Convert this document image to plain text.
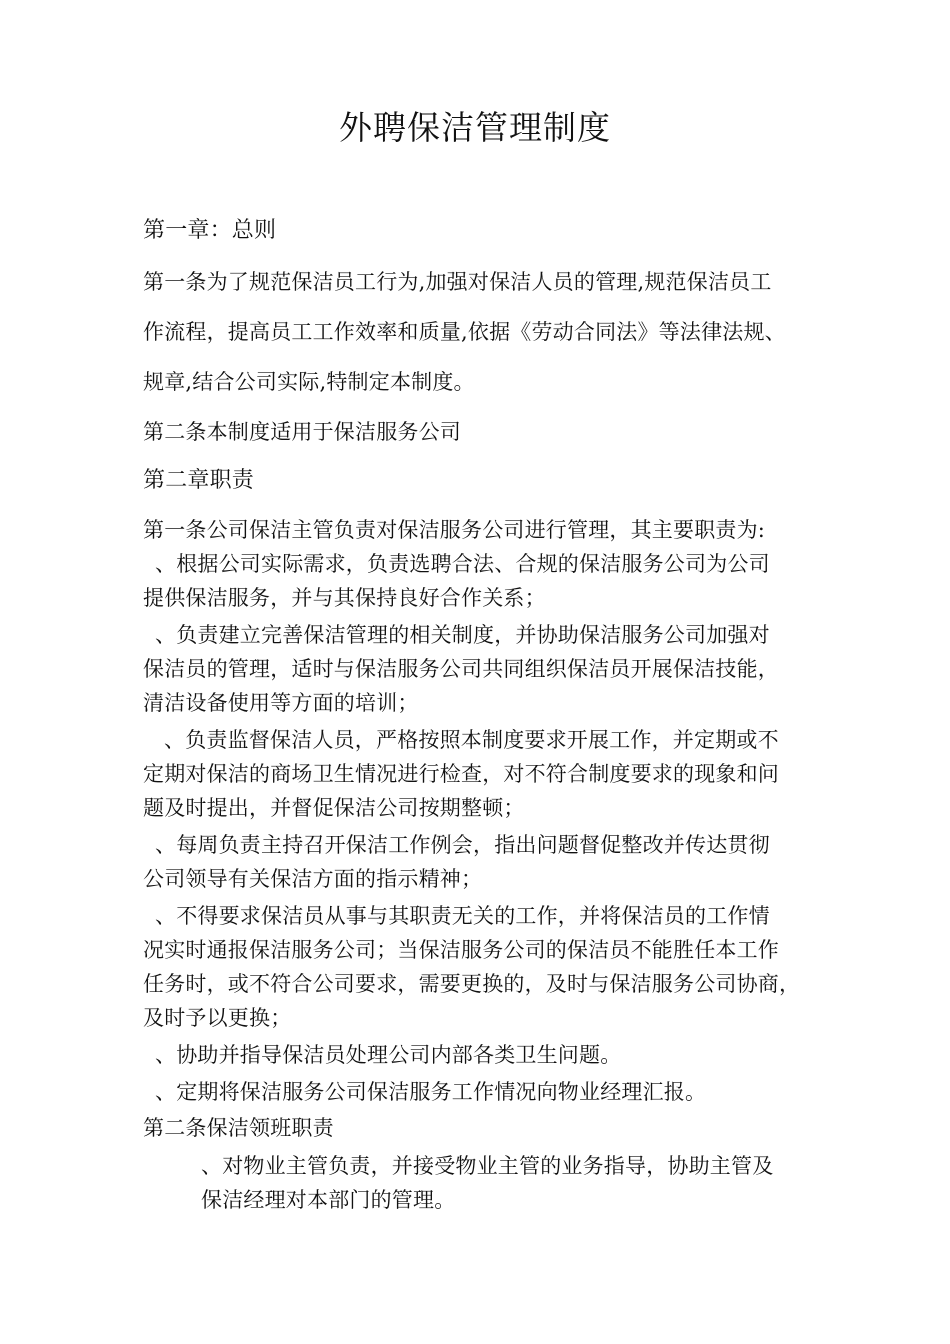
外聘保洁管理制度
第一章：总则
第一条为了规范保洁员工行为,加强对保洁人员的管理,规范保洁员工
作流程，提高员工工作效率和质量,依据《劳动合同法》等法律法规、
规章,结合公司实际,特制定本制度。
第二条本制度适用于保洁服务公司
第二章职责
第一条公司保洁主管负责对保洁服务公司进行管理，其主要职责为:
、根据公司实际需求，负责选聘合法、合规的保洁服务公司为公司
提供保洁服务，并与其保持良好合作关系；
、负责建立完善保洁管理的相关制度，并协助保洁服务公司加强对
保洁员的管理，适时与保洁服务公司共同组织保洁员开展保洁技能，
清洁设备使用等方面的培训；
、负责监督保洁人员，严格按照本制度要求开展工作，并定期或不
定期对保洁的商场卫生情况进行检查，对不符合制度要求的现象和问
题及时提出，并督促保洁公司按期整顿；
、每周负责主持召开保洁工作例会，指出问题督促整改并传达贯彻
公司领导有关保洁方面的指示精神；
、不得要求保洁员从事与其职责无关的工作，并将保洁员的工作情
况实时通报保洁服务公司；当保洁服务公司的保洁员不能胜任本工作
任务时，或不符合公司要求，需要更换的，及时与保洁服务公司协商，
及时予以更换；
、协助并指导保洁员处理公司内部各类卫生问题。
、定期将保洁服务公司保洁服务工作情况向物业经理汇报。
第二条保洁领班职责
、对物业主管负责，并接受物业主管的业务指导，协助主管及
保洁经理对本部门的管理。
